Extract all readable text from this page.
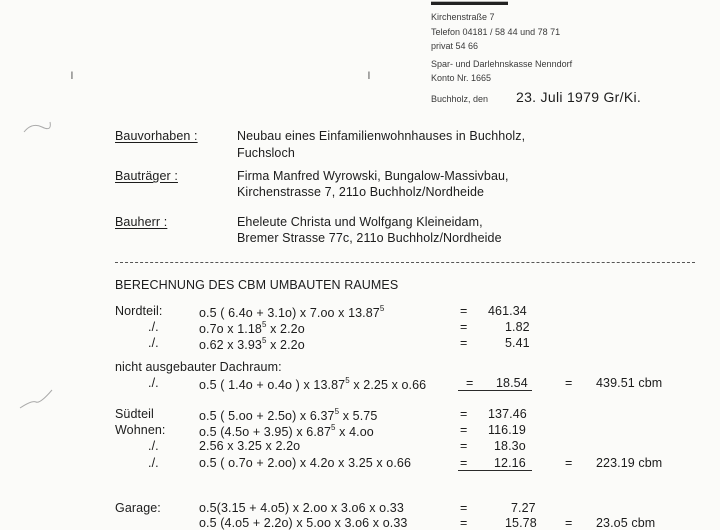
▬▬▬▬▬▬▬
Kirchenstraße 7
Telefon 04181 / 58 44 und 78 71
privat 54 66
Spar- und Darlehnskasse Nenndorf
Konto Nr. 1665
Buchholz, den 23. Juli 1979 Gr/Ki.
ı	ı
Bauvorhaben :	Neubau eines Einfamilienwohnhauses in Buchholz,
Fuchsloch
Bauträger :	Firma Manfred Wyrowski, Bungalow-Massivbau,
Kirchenstrasse 7, 211o Buchholz/Nordheide
Bauherr :	Eheleute Christa und Wolfgang Kleineidam,
Bremer Strasse 77c, 211o Buchholz/Nordheide
BERECHNUNG DES CBM UMBAUTEN RAUMES
Nordteil:	o.5 ( 6.4o + 3.1o) x 7.oo x $13.87^5$	= 461.34
./.	o.7o x 1.18$^5$ x 2.2o	=	1.82
./.	o.62 x 3.93$^5$ x 2.2o	=	5.41
nicht ausgebauter Dachraum:
./.	o.5 ( 1.4o + o.4o ) x 13.87$^5$ x 2.25 x o.66	= 18.54	= 439.51 cbm
Südteil	o.5 ( 5.oo + 2.5o) x 6.37$^5$ x 5.75	= 137.46
Wohnen:	o.5 (4.5o + 3.95) x 6.87$^5$ x 4.oo	= 116.19
./.	2.56 x 3.25 x 2.2o	= 18.3o
./.	o.5 ( o.7o + 2.oo) x 4.2o x 3.25 x o.66	= 12.16	= 223.19 cbm
Garage:	o.5(3.15 + 4.o5) x 2.oo x 3.o6 x o.33	=	7.27
o.5 (4.o5 + 2.2o) x 5.oo x 3.o6 x o.33	=	15.78 = 23.o5 cbm
